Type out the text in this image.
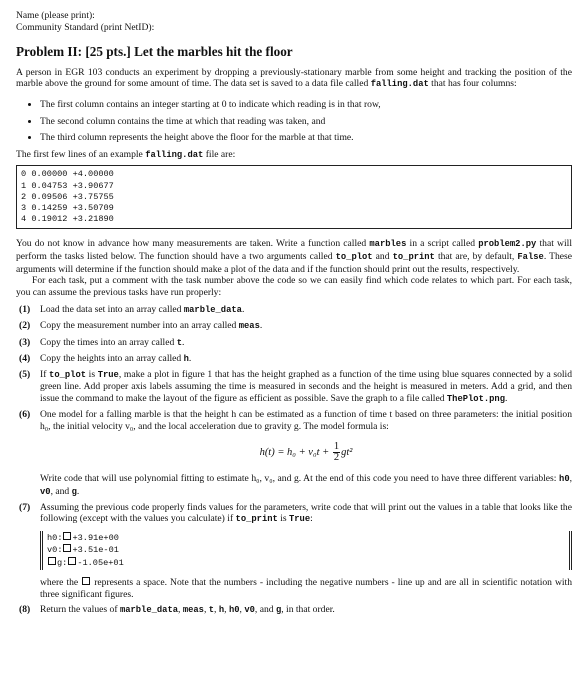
Name (please print):
Community Standard (print NetID):
Problem II: [25 pts.] Let the marbles hit the floor

A person in EGR 103 conducts an experiment by dropping a previously-stationary marble from some height and tracking the position of the marble above the ground for some amount of time. The data set is saved to a data file called falling.dat that has four columns:

• The first column contains an integer starting at 0 to indicate which reading is in that row,
• The second column contains the time at which that reading was taken, and
• The third column represents the height above the floor for the marble at that time.

The first few lines of an example falling.dat file are:

0 0.00000 +4.00000
1 0.04753 +3.90677
2 0.09506 +3.75755
3 0.14259 +3.50709
4 0.19012 +3.21890

You do not know in advance how many measurements are taken. Write a function called marbles in a script called problem2.py that will perform the tasks listed below. The function should have a two arguments called to_plot and to_print that are, by default, False. These arguments will determine if the function should make a plot of the data and if the function should print out the results, respectively.

For each task, put a comment with the task number above the code so we can easily find which code relates to which part. For each task, you can assume the previous tasks have run properly:

(1) Load the data set into an array called marble_data.
(2) Copy the measurement number into an array called meas.
(3) Copy the times into an array called t.
(4) Copy the heights into an array called h.
(5) If to_plot is True, make a plot in figure 1 that has the height graphed as a function of the time using blue squares connected by a solid green line. Add proper axis labels assuming the time is measured in seconds and the height is measured in meters. Add a grid, and then issue the command to make the layout of the figure as efficient as possible. Save the graph to a file called ThePlot.png.
(6) One model for a falling marble is that the height h can be estimated as a function of time t based on three parameters: the initial position h₀, the initial velocity v₀, and the local acceleration due to gravity g. The model formula is:
$h(t) = h_0 + v_0t + \frac{1}{2} gt^2$
Write code that will use polynomial fitting to estimate h₀, v₀, and g. At the end of this code you need to have three different variables: h0, v0, and g.
(7) Assuming the previous code properly finds values for the parameters, write code that will print out the values in a table that looks like the following (except with the values you calculate) if to_print is True:
h0: +3.91e+00
v0: +3.51e-01
g: -1.05e+01
where the represents a space. Note that the numbers - including the negative numbers - line up and are all in scientific notation with three significant figures.
(8) Return the values of marble_data, meas, t, h, h0, v0, and g, in that order.
